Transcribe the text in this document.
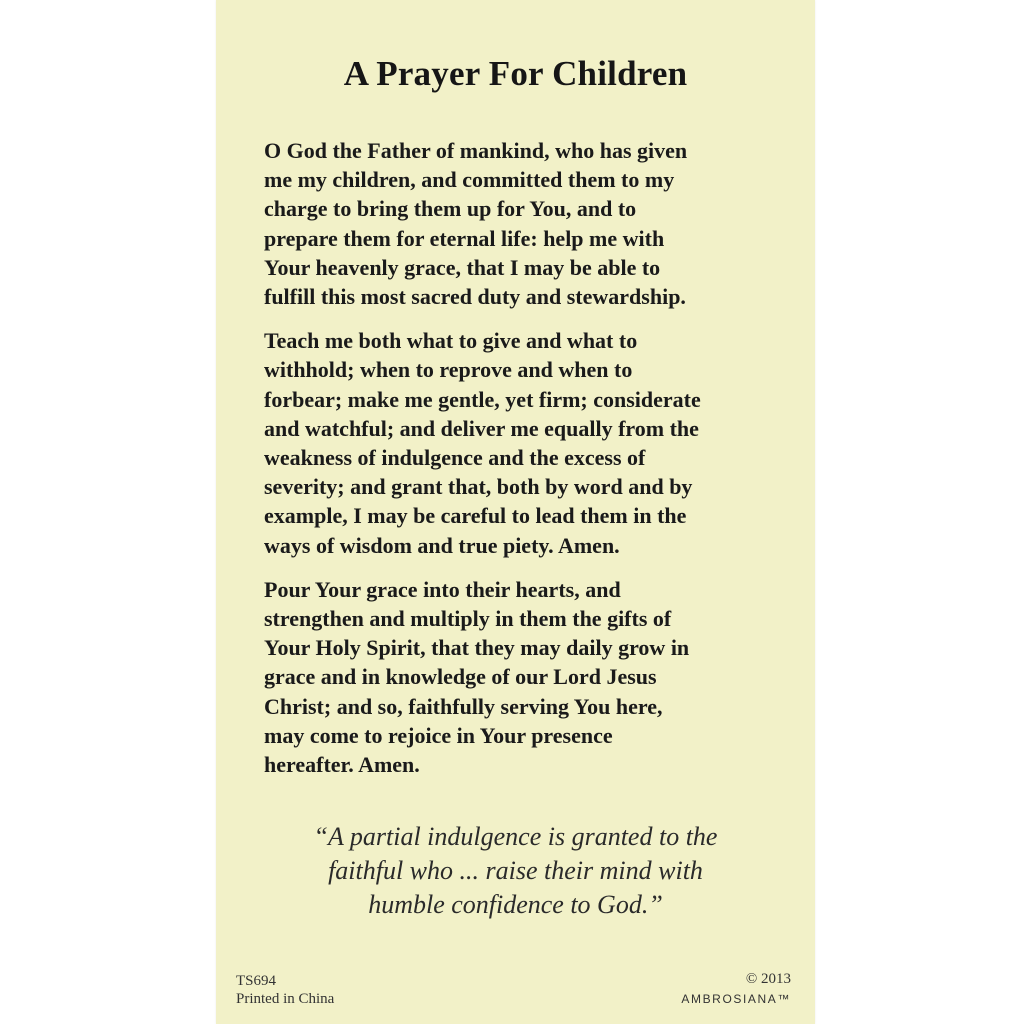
A Prayer For Children

O God the Father of mankind, who has given
me my children, and committed them to my
charge to bring them up for You, and to
prepare them for eternal life: help me with
Your heavenly grace, that I may be able to
fulfill this most sacred duty and stewardship.

Teach me both what to give and what to
withhold; when to reprove and when to
forbear; make me gentle, yet firm; considerate
and watchful; and deliver me equally from the
weakness of indulgence and the excess of
severity; and grant that, both by word and by
example, I may be careful to lead them in the
ways of wisdom and true piety. Amen.

Pour Your grace into their hearts, and
strengthen and multiply in them the gifts of
Your Holy Spirit, that they may daily grow in
grace and in knowledge of our Lord Jesus
Christ; and so, faithfully serving You here,
may come to rejoice in Your presence
hereafter. Amen.

“A partial indulgence is granted to the
faithful who ... raise their mind with
humble confidence to God.”
TS694
Printed in China
© 2013
AMBROSIANA™
